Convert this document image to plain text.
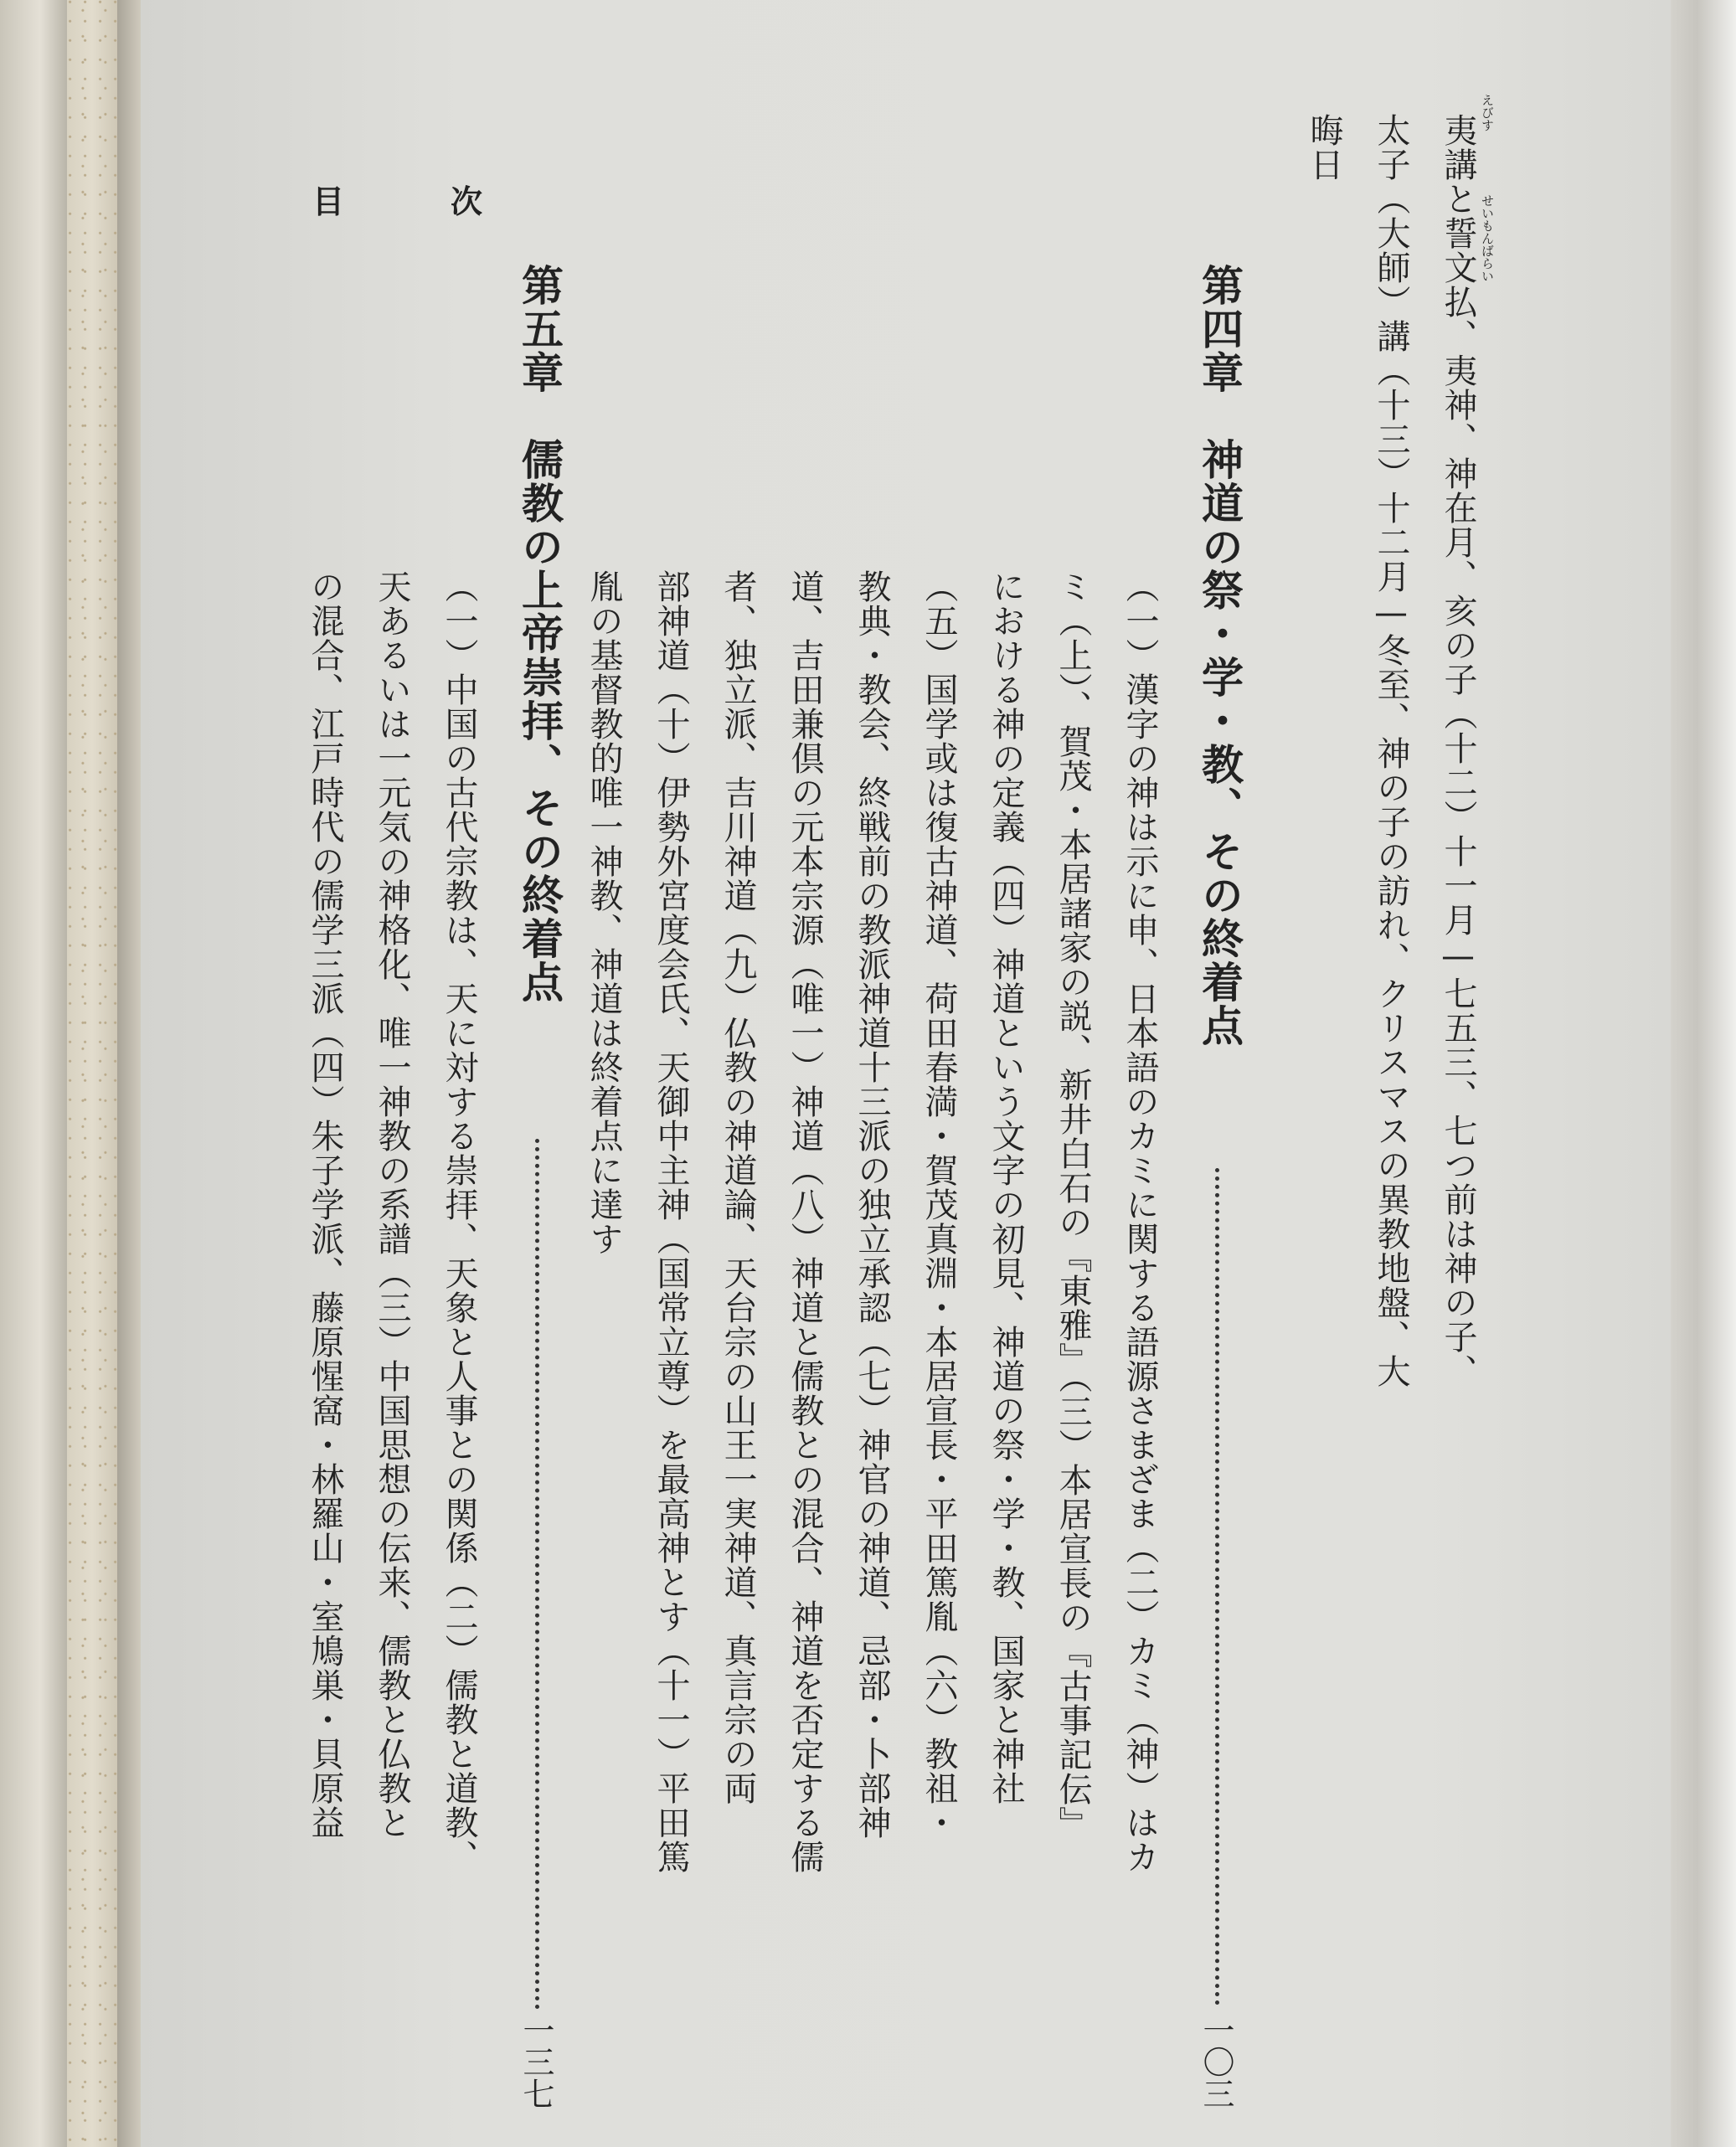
目	次	夷講と誓文払、夷神、神在月、亥の子（十二）十一月—七五三、七つ前は神の子、
太子（大師）講（十三）十二月—冬至、神の子の訪れ、クリスマスの異教地盤、大
晦日
えびす
せいもんばらい
第四章　神道の祭・学・教、その終着点
一〇三
（一）漢字の神は示に申、日本語のカミに関する語源さまざま（二）カミ（神）はカ
ミ（上）、賀茂・本居諸家の説、新井白石の『東雅』（三）本居宣長の『古事記伝』
における神の定義（四）神道という文字の初見、神道の祭・学・教、国家と神社
（五）国学或は復古神道、荷田春満・賀茂真淵・本居宣長・平田篤胤（六）教祖・
教典・教会、終戦前の教派神道十三派の独立承認（七）神官の神道、忌部・卜部神
道、吉田兼倶の元本宗源（唯一）神道（八）神道と儒教との混合、神道を否定する儒
者、独立派、吉川神道（九）仏教の神道論、天台宗の山王一実神道、真言宗の両
部神道（十）伊勢外宮度会氏、天御中主神（国常立尊）を最高神とす（十一）平田篤
胤の基督教的唯一神教、神道は終着点に達す
第五章　儒教の上帝崇拝、その終着点
一三七
（一）中国の古代宗教は、天に対する崇拝、天象と人事との関係（二）儒教と道教、
天あるいは一元気の神格化、唯一神教の系譜（三）中国思想の伝来、儒教と仏教と
の混合、江戸時代の儒学三派（四）朱子学派、藤原惺窩・林羅山・室鳩巣・貝原益
